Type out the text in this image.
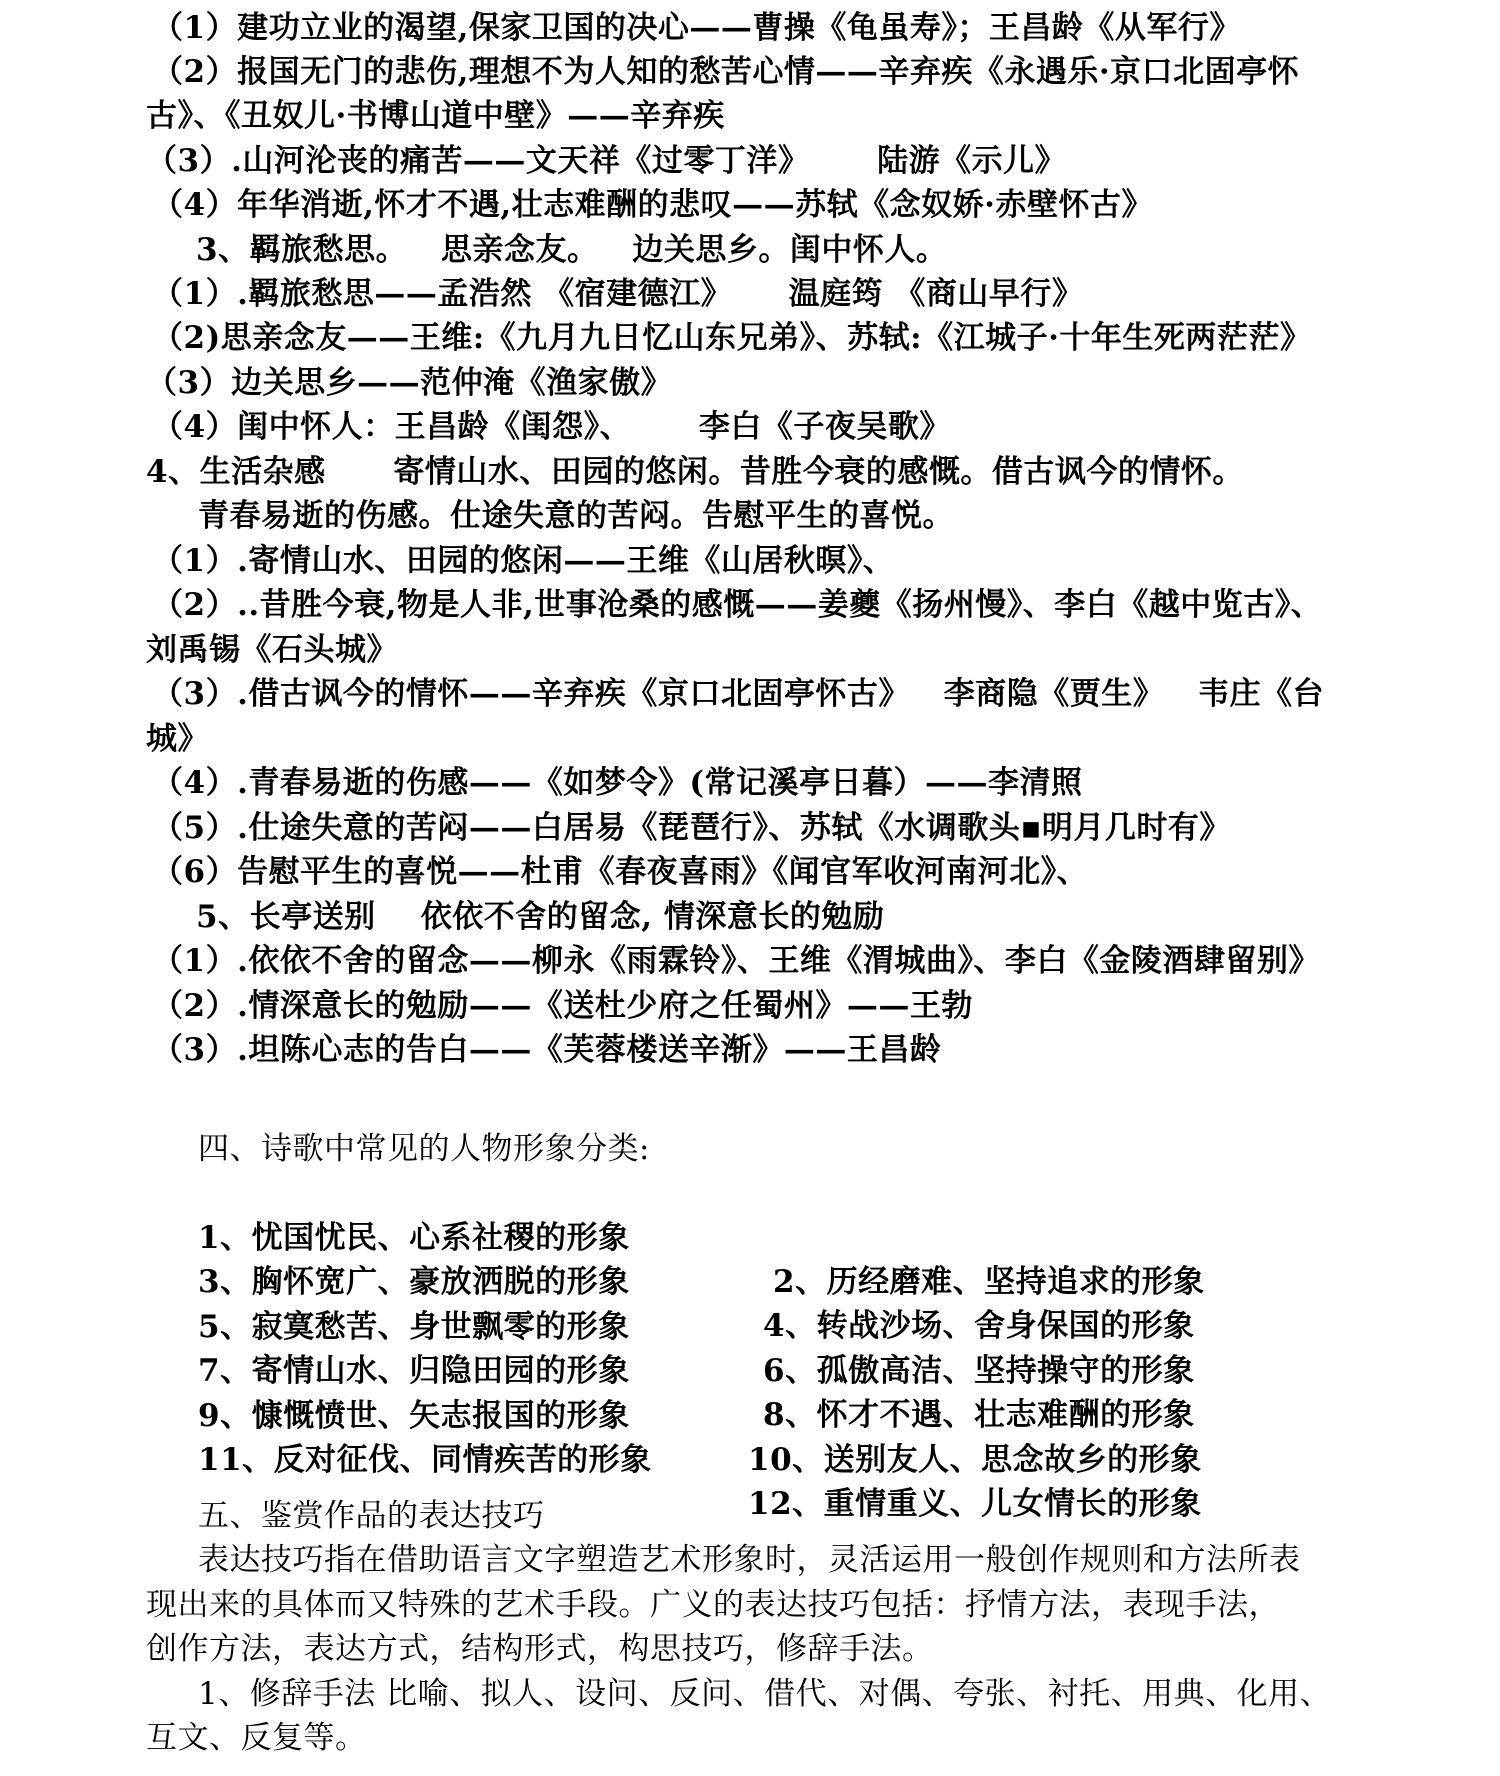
（1）建功立业的渴望,保家卫国的决心——曹操《龟虽寿》；王昌龄《从军行》

（2）报国无门的悲伤,理想不为人知的愁苦心情——辛弃疾《永遇乐·京口北固亭怀

古》、《丑奴儿·书博山道中壁》——辛弃疾

（3）.山河沦丧的痛苦——文天祥《过零丁洋》      陆游《示儿》

（4）年华消逝,怀才不遇,壮志难酬的悲叹——苏轼《念奴娇·赤壁怀古》

3、羁旅愁思。   思亲念友。   边关思乡。闺中怀人。

（1）.羁旅愁思——孟浩然 《宿建德江》     温庭筠 《商山早行》

（2)思亲念友——王维:《九月九日忆山东兄弟》、苏轼:《江城子·十年生死两茫茫》

（3）边关思乡——范仲淹《渔家傲》

（4）闺中怀人：王昌龄《闺怨》、      李白《子夜吴歌》

4、生活杂感      寄情山水、田园的悠闲。昔胜今衰的感慨。借古讽今的情怀。

青春易逝的伤感。仕途失意的苦闷。告慰平生的喜悦。

（1）.寄情山水、田园的悠闲——王维《山居秋暝》、

（2）..昔胜今衰,物是人非,世事沧桑的感慨——姜夔《扬州慢》、李白《越中览古》、

刘禹锡《石头城》

（3）.借古讽今的情怀——辛弃疾《京口北固亭怀古》   李商隐《贾生》   韦庄《台

城》

（4）.青春易逝的伤感——《如梦令》(常记溪亭日暮）——李清照

（5）.仕途失意的苦闷——白居易《琵琶行》、苏轼《水调歌头▪明月几时有》

（6）告慰平生的喜悦——杜甫《春夜喜雨》《闻官军收河南河北》、

5、长亭送别    依依不舍的留念, 情深意长的勉励

（1）.依依不舍的留念——柳永《雨霖铃》、王维《渭城曲》、李白《金陵酒肆留别》

（2）.情深意长的勉励——《送杜少府之任蜀州》——王勃

（3）.坦陈心志的告白——《芙蓉楼送辛渐》——王昌龄

四、诗歌中常见的人物形象分类:

1、忧国忧民、心系社稷的形象

2、历经磨难、坚持追求的形象

3、胸怀宽广、豪放洒脱的形象

4、转战沙场、舍身保国的形象

5、寂寞愁苦、身世飘零的形象

6、孤傲高洁、坚持操守的形象

7、寄情山水、归隐田园的形象

8、怀才不遇、壮志难酬的形象

9、慷慨愤世、矢志报国的形象

10、送别友人、思念故乡的形象

11、反对征伐、同情疾苦的形象

12、重情重义、儿女情长的形象

五、鉴赏作品的表达技巧

表达技巧指在借助语言文字塑造艺术形象时，灵活运用一般创作规则和方法所表

现出来的具体而又特殊的艺术手段。广义的表达技巧包括：抒情方法，表现手法，

创作方法，表达方式，结构形式，构思技巧，修辞手法。

1、修辞手法 比喻、拟人、设问、反问、借代、对偶、夸张、衬托、用典、化用、

互文、反复等。
